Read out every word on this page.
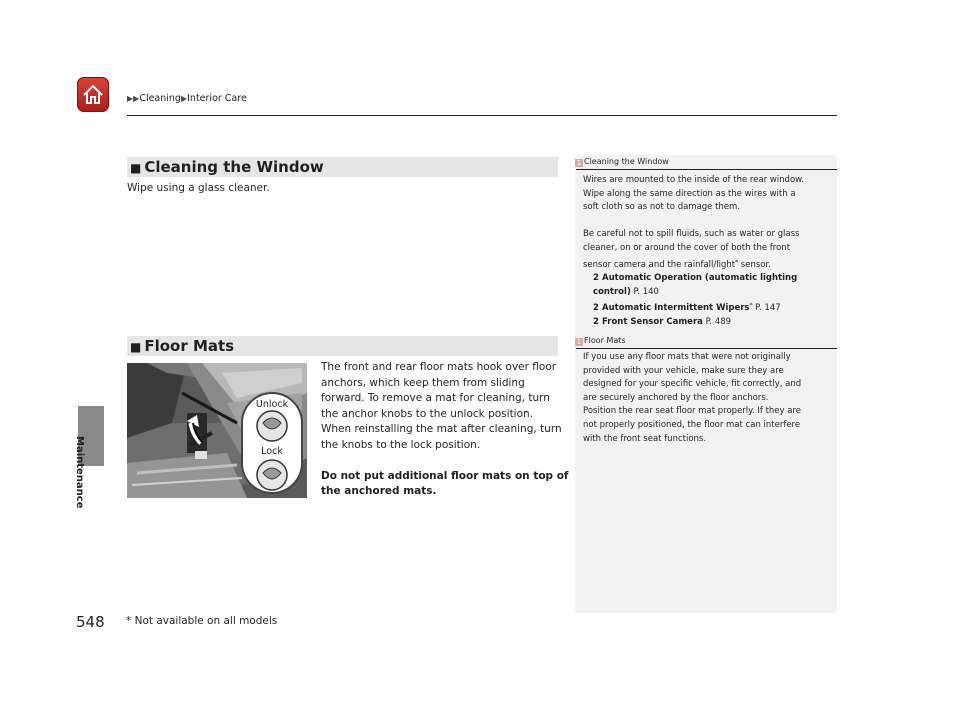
▶▶Cleaning▶Interior Care
Maintenance
■ Cleaning the Window
Wipe using a glass cleaner.
■ Floor Mats
Unlock
Lock
The front and rear floor mats hook over floor
anchors, which keep them from sliding
forward. To remove a mat for cleaning, turn
the anchor knobs to the unlock position.
When reinstalling the mat after cleaning, turn
the knobs to the lock position.
Do not put additional floor mats on top of
the anchored mats.
1 Cleaning the Window
Wires are mounted to the inside of the rear window.
Wipe along the same direction as the wires with a
soft cloth so as not to damage them.
Be careful not to spill fluids, such as water or glass
cleaner, on or around the cover of both the front
sensor camera and the rainfall/light* sensor.
2 Automatic Operation (automatic lighting
control) P. 140
2 Automatic Intermittent Wipers* P. 147
2 Front Sensor Camera P. 489
1 Floor Mats
If you use any floor mats that were not originally
provided with your vehicle, make sure they are
designed for your specific vehicle, fit correctly, and
are securely anchored by the floor anchors.
Position the rear seat floor mat properly. If they are
not properly positioned, the floor mat can interfere
with the front seat functions.
548 * Not available on all models
